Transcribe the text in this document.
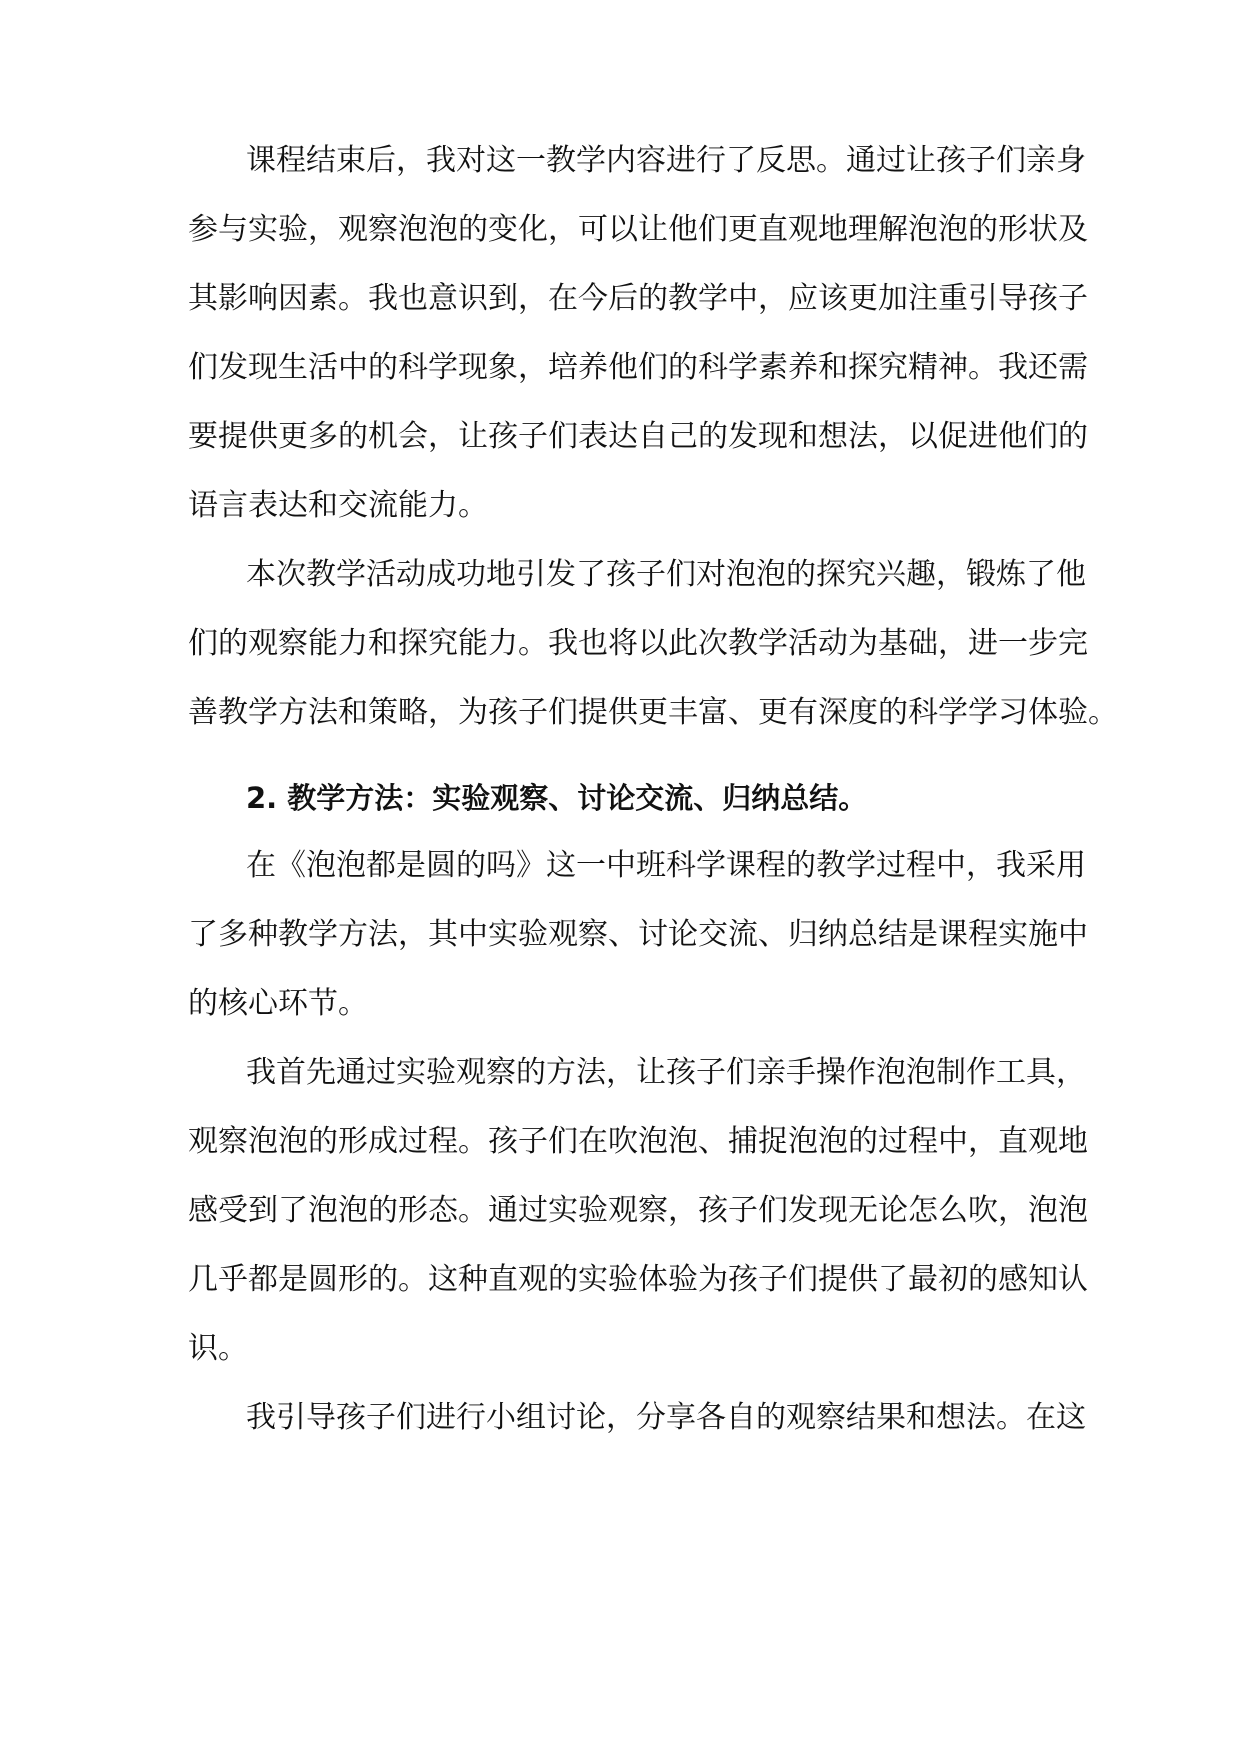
课程结束后，我对这一教学内容进行了反思。通过让孩子们亲身
参与实验，观察泡泡的变化，可以让他们更直观地理解泡泡的形状及
其影响因素。我也意识到，在今后的教学中，应该更加注重引导孩子
们发现生活中的科学现象，培养他们的科学素养和探究精神。我还需
要提供更多的机会，让孩子们表达自己的发现和想法，以促进他们的
语言表达和交流能力。
本次教学活动成功地引发了孩子们对泡泡的探究兴趣，锻炼了他
们的观察能力和探究能力。我也将以此次教学活动为基础，进一步完
善教学方法和策略，为孩子们提供更丰富、更有深度的科学学习体验。
2. 教学方法：实验观察、讨论交流、归纳总结。
在《泡泡都是圆的吗》这一中班科学课程的教学过程中，我采用
了多种教学方法，其中实验观察、讨论交流、归纳总结是课程实施中
的核心环节。
我首先通过实验观察的方法，让孩子们亲手操作泡泡制作工具，
观察泡泡的形成过程。孩子们在吹泡泡、捕捉泡泡的过程中，直观地
感受到了泡泡的形态。通过实验观察，孩子们发现无论怎么吹，泡泡
几乎都是圆形的。这种直观的实验体验为孩子们提供了最初的感知认
识。
我引导孩子们进行小组讨论，分享各自的观察结果和想法。在这
